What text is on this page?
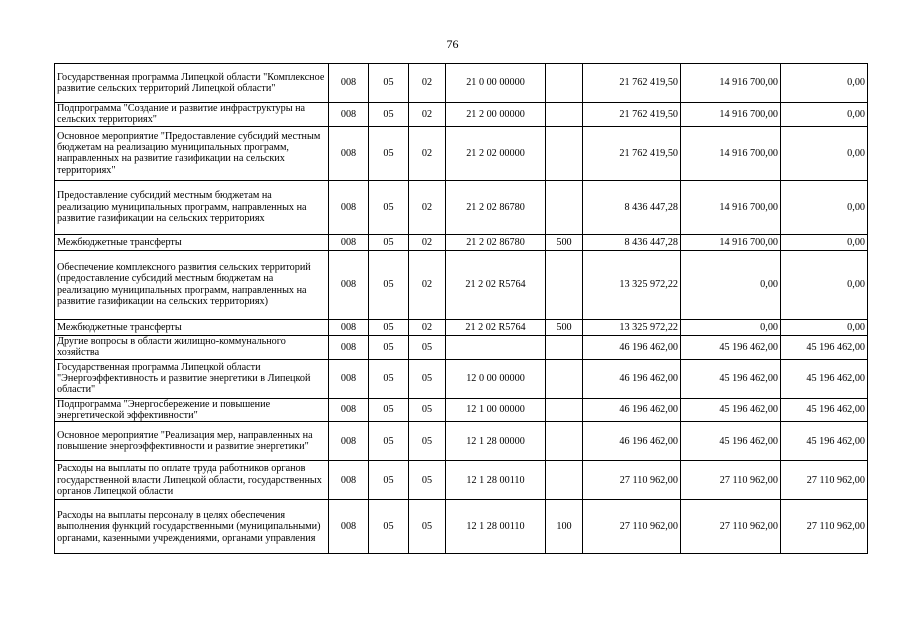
76
Государственная программа Липецкой области "Комплексное развитие сельских территорий Липецкой области"	008	05	02	21 0 00 00000		21 762 419,50	14 916 700,00	0,00
Подпрограмма "Создание и развитие инфраструктуры на сельских территориях"	008	05	02	21 2 00 00000		21 762 419,50	14 916 700,00	0,00
Основное мероприятие "Предоставление субсидий местным бюджетам на реализацию муниципальных программ, направленных на развитие газификации на сельских территориях"	008	05	02	21 2 02 00000		21 762 419,50	14 916 700,00	0,00
Предоставление субсидий местным бюджетам на реализацию муниципальных программ, направленных на развитие газификации на сельских территориях	008	05	02	21 2 02 86780		8 436 447,28	14 916 700,00	0,00
Межбюджетные трансферты	008	05	02	21 2 02 86780	500	8 436 447,28	14 916 700,00	0,00
Обеспечение комплексного развития сельских территорий (предоставление субсидий местным бюджетам на реализацию муниципальных программ, направленных на развитие газификации на сельских территориях)	008	05	02	21 2 02 R5764		13 325 972,22	0,00	0,00
Межбюджетные трансферты	008	05	02	21 2 02 R5764	500	13 325 972,22	0,00	0,00
Другие вопросы в области жилищно-коммунального хозяйства	008	05	05			46 196 462,00	45 196 462,00	45 196 462,00
Государственная программа Липецкой области "Энергоэффективность и развитие энергетики в Липецкой области"	008	05	05	12 0 00 00000		46 196 462,00	45 196 462,00	45 196 462,00
Подпрограмма "Энергосбережение и повышение энергетической эффективности"	008	05	05	12 1 00 00000		46 196 462,00	45 196 462,00	45 196 462,00
Основное мероприятие "Реализация мер, направленных на повышение энергоэффективности и развитие энергетики"	008	05	05	12 1 28 00000		46 196 462,00	45 196 462,00	45 196 462,00
Расходы на выплаты по оплате труда работников органов государственной власти Липецкой области, государственных органов Липецкой области	008	05	05	12 1 28 00110		27 110 962,00	27 110 962,00	27 110 962,00
Расходы на выплаты персоналу в целях обеспечения выполнения функций государственными (муниципальными) органами, казенными учреждениями, органами управления	008	05	05	12 1 28 00110	100	27 110 962,00	27 110 962,00	27 110 962,00
